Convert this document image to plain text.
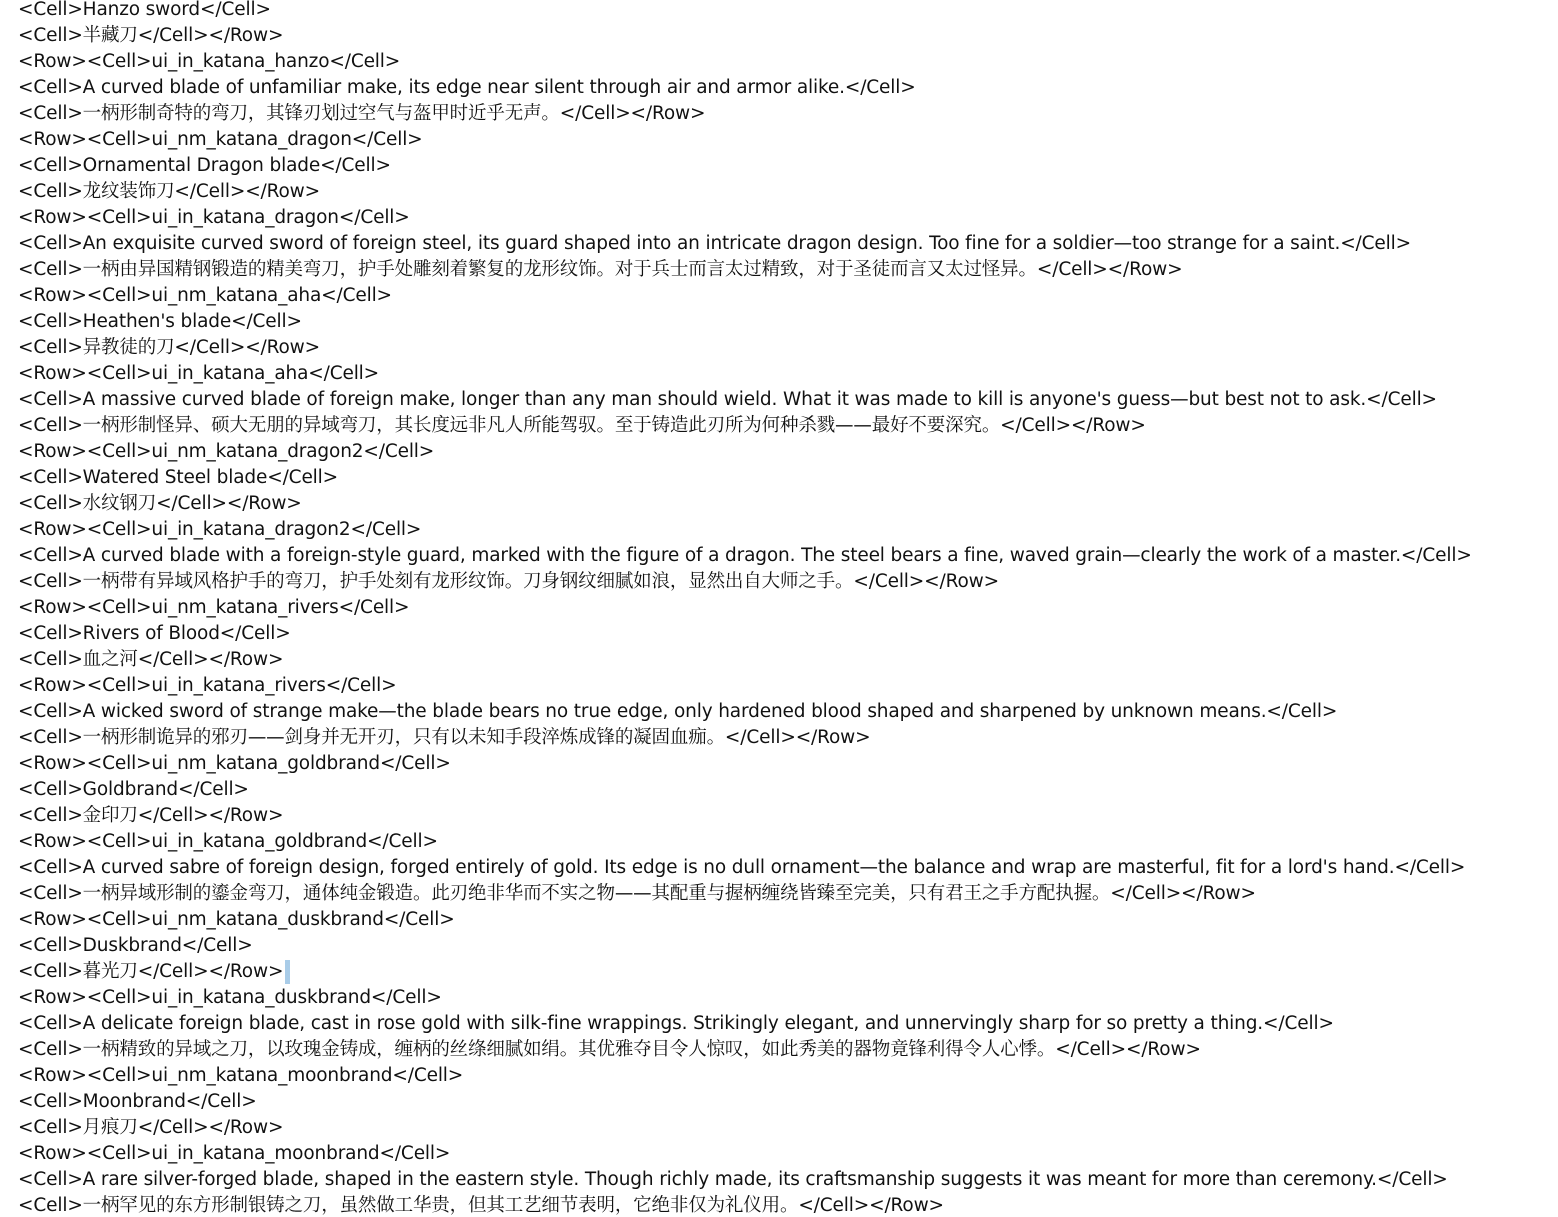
<Cell>Hanzo sword</Cell>
<Cell>半藏刀</Cell></Row>
<Row><Cell>ui_in_katana_hanzo</Cell>
<Cell>A curved blade of unfamiliar make, its edge near silent through air and armor alike.</Cell>
<Cell>一柄形制奇特的弯刀，其锋刃划过空气与盔甲时近乎无声。</Cell></Row>
<Row><Cell>ui_nm_katana_dragon</Cell>
<Cell>Ornamental Dragon blade</Cell>
<Cell>龙纹装饰刀</Cell></Row>
<Row><Cell>ui_in_katana_dragon</Cell>
<Cell>An exquisite curved sword of foreign steel, its guard shaped into an intricate dragon design. Too fine for a soldier—too strange for a saint.</Cell>
<Cell>一柄由异国精钢锻造的精美弯刀，护手处雕刻着繁复的龙形纹饰。对于兵士而言太过精致，对于圣徒而言又太过怪异。</Cell></Row>
<Row><Cell>ui_nm_katana_aha</Cell>
<Cell>Heathen's blade</Cell>
<Cell>异教徒的刀</Cell></Row>
<Row><Cell>ui_in_katana_aha</Cell>
<Cell>A massive curved blade of foreign make, longer than any man should wield. What it was made to kill is anyone's guess—but best not to ask.</Cell>
<Cell>一柄形制怪异、硕大无朋的异域弯刀，其长度远非凡人所能驾驭。至于铸造此刃所为何种杀戮——最好不要深究。</Cell></Row>
<Row><Cell>ui_nm_katana_dragon2</Cell>
<Cell>Watered Steel blade</Cell>
<Cell>水纹钢刀</Cell></Row>
<Row><Cell>ui_in_katana_dragon2</Cell>
<Cell>A curved blade with a foreign-style guard, marked with the figure of a dragon. The steel bears a fine, waved grain—clearly the work of a master.</Cell>
<Cell>一柄带有异域风格护手的弯刀，护手处刻有龙形纹饰。刀身钢纹细腻如浪，显然出自大师之手。</Cell></Row>
<Row><Cell>ui_nm_katana_rivers</Cell>
<Cell>Rivers of Blood</Cell>
<Cell>血之河</Cell></Row>
<Row><Cell>ui_in_katana_rivers</Cell>
<Cell>A wicked sword of strange make—the blade bears no true edge, only hardened blood shaped and sharpened by unknown means.</Cell>
<Cell>一柄形制诡异的邪刃——剑身并无开刃，只有以未知手段淬炼成锋的凝固血痂。</Cell></Row>
<Row><Cell>ui_nm_katana_goldbrand</Cell>
<Cell>Goldbrand</Cell>
<Cell>金印刀</Cell></Row>
<Row><Cell>ui_in_katana_goldbrand</Cell>
<Cell>A curved sabre of foreign design, forged entirely of gold. Its edge is no dull ornament—the balance and wrap are masterful, fit for a lord's hand.</Cell>
<Cell>一柄异域形制的鎏金弯刀，通体纯金锻造。此刃绝非华而不实之物——其配重与握柄缠绕皆臻至完美，只有君王之手方配执握。</Cell></Row>
<Row><Cell>ui_nm_katana_duskbrand</Cell>
<Cell>Duskbrand</Cell>
<Cell>暮光刀</Cell></Row>
<Row><Cell>ui_in_katana_duskbrand</Cell>
<Cell>A delicate foreign blade, cast in rose gold with silk-fine wrappings. Strikingly elegant, and unnervingly sharp for so pretty a thing.</Cell>
<Cell>一柄精致的异域之刀，以玫瑰金铸成，缠柄的丝绦细腻如绢。其优雅夺目令人惊叹，如此秀美的器物竟锋利得令人心悸。</Cell></Row>
<Row><Cell>ui_nm_katana_moonbrand</Cell>
<Cell>Moonbrand</Cell>
<Cell>月痕刀</Cell></Row>
<Row><Cell>ui_in_katana_moonbrand</Cell>
<Cell>A rare silver-forged blade, shaped in the eastern style. Though richly made, its craftsmanship suggests it was meant for more than ceremony.</Cell>
<Cell>一柄罕见的东方形制银铸之刀，虽然做工华贵，但其工艺细节表明，它绝非仅为礼仪用。</Cell></Row>
